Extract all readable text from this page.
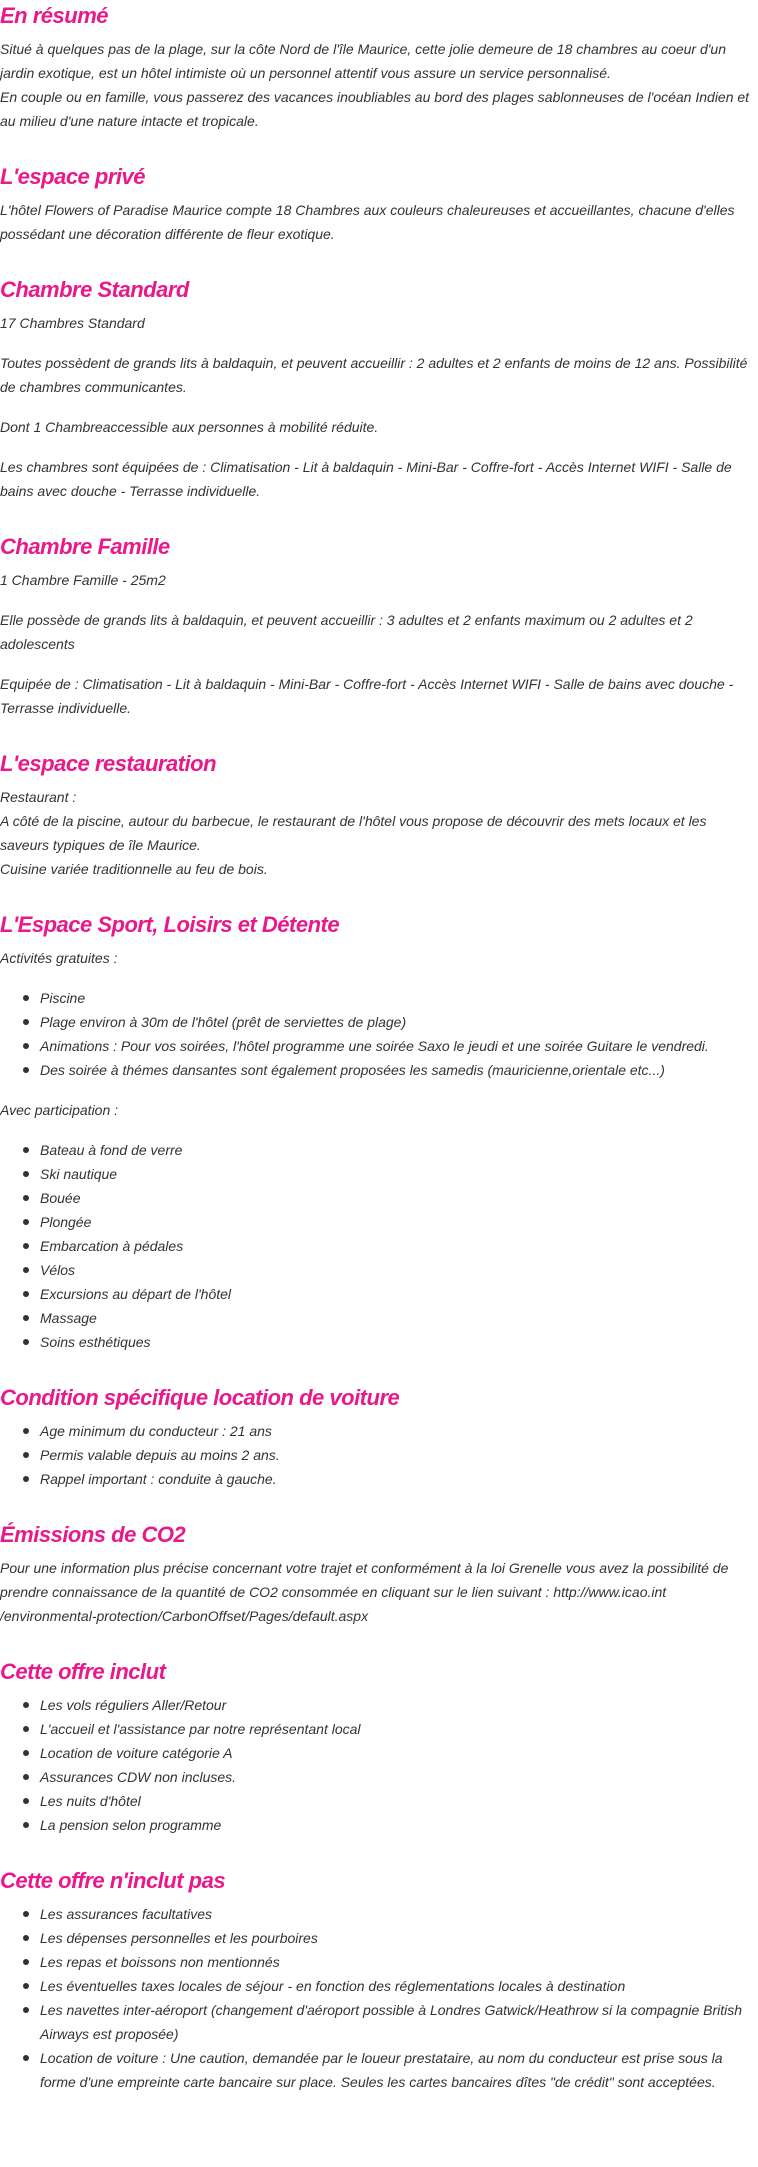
En résumé

Situé à quelques pas de la plage, sur la côte Nord de l'île Maurice, cette jolie demeure de 18 chambres au coeur d'un jardin exotique, est un hôtel intimiste où un personnel attentif vous assure un service personnalisé.

En couple ou en famille, vous passerez des vacances inoubliables au bord des plages sablonneuses de l'océan Indien et au milieu d'une nature intacte et tropicale.

L'espace privé

L'hôtel Flowers of Paradise Maurice compte 18 Chambres aux couleurs chaleureuses et accueillantes, chacune d'elles possédant une décoration différente de fleur exotique.

Chambre Standard

17 Chambres Standard

Toutes possèdent de grands lits à baldaquin, et peuvent accueillir : 2 adultes et 2 enfants de moins de 12 ans. Possibilité de chambres communicantes.

Dont 1 Chambreaccessible aux personnes à mobilité réduite.

Les chambres sont équipées de : Climatisation - Lit à baldaquin - Mini-Bar - Coffre-fort - Accès Internet WIFI - Salle de bains avec douche - Terrasse individuelle.

Chambre Famille

1 Chambre Famille - 25m2

Elle possède de grands lits à baldaquin, et peuvent accueillir : 3 adultes et 2 enfants maximum ou 2 adultes et 2 adolescents

Equipée de : Climatisation - Lit à baldaquin - Mini-Bar - Coffre-fort - Accès Internet WIFI - Salle de bains avec douche - Terrasse individuelle.

L'espace restauration

Restaurant :

A côté de la piscine, autour du barbecue, le restaurant de l'hôtel vous propose de découvrir des mets locaux et les saveurs typiques de île Maurice.

Cuisine variée traditionnelle au feu de bois.

L'Espace Sport, Loisirs et Détente

Activités gratuites :

Piscine
Plage environ à 30m de l'hôtel (prêt de serviettes de plage)
Animations : Pour vos soirées, l'hôtel programme une soirée Saxo le jeudi et une soirée Guitare le vendredi.
Des soirée à thémes dansantes sont également proposées les samedis (mauricienne,orientale etc...)

Avec participation :

Bateau à fond de verre
Ski nautique
Bouée
Plongée
Embarcation à pédales
Vélos
Excursions au départ de l'hôtel
Massage
Soins esthétiques
Condition spécifique location de voiture
Age minimum du conducteur : 21 ans
Permis valable depuis au moins 2 ans.
Rappel important : conduite à gauche.
Émissions de CO2

Pour une information plus précise concernant votre trajet et conformément à la loi Grenelle vous avez la possibilité de prendre connaissance de la quantité de CO2 consommée en cliquant sur le lien suivant : http://www.icao.int /environmental-protection/CarbonOffset/Pages/default.aspx

Cette offre inclut
Les vols réguliers Aller/Retour
L'accueil et l'assistance par notre représentant local
Location de voiture catégorie A
Assurances CDW non incluses.
Les nuits d'hôtel
La pension selon programme
Cette offre n'inclut pas
Les assurances facultatives
Les dépenses personnelles et les pourboires
Les repas et boissons non mentionnés
Les éventuelles taxes locales de séjour - en fonction des réglementations locales à destination
Les navettes inter-aéroport (changement d'aéroport possible à Londres Gatwick/Heathrow si la compagnie British Airways est proposée)
Location de voiture : Une caution, demandée par le loueur prestataire, au nom du conducteur est prise sous la forme d'une empreinte carte bancaire sur place. Seules les cartes bancaires dîtes "de crédit" sont acceptées.
